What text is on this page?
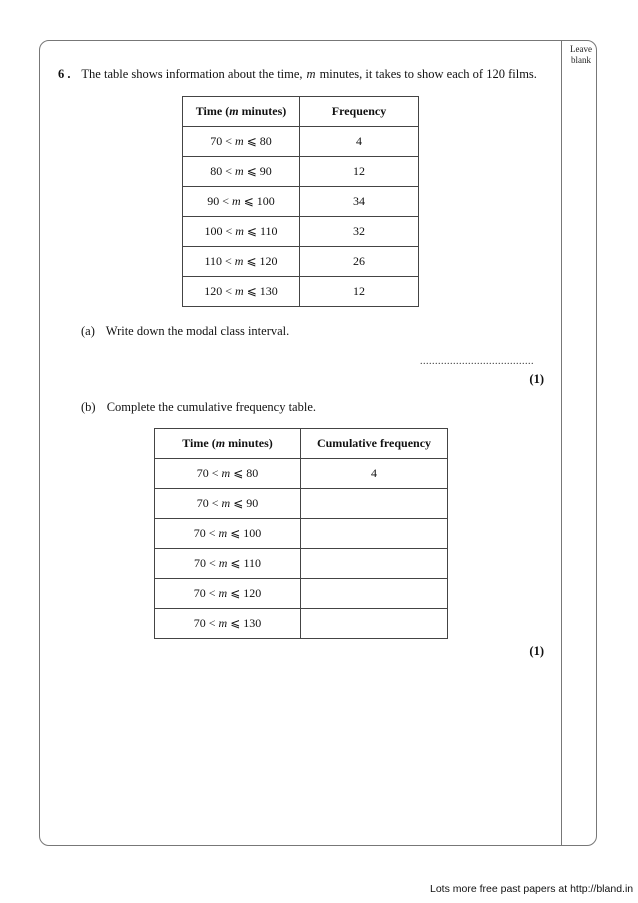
Leave
blank
6 . The table shows information about the time, m minutes, it takes to show each of 120 films.
Time (m minutes)	Frequency
70 < m ⩽ 80	4
80 < m ⩽ 90	12
90 < m ⩽ 100	34
100 < m ⩽ 110	32
110 < m ⩽ 120	26
120 < m ⩽ 130	12
(a) Write down the modal class interval.
......................................
(1)
(b) Complete the cumulative frequency table.
Time (m minutes)	Cumulative frequency
70 < m ⩽ 80	4
70 < m ⩽ 90	
70 < m ⩽ 100	
70 < m ⩽ 110	
70 < m ⩽ 120	
70 < m ⩽ 130	
(1)
Lots more free past papers at http://bland.in
